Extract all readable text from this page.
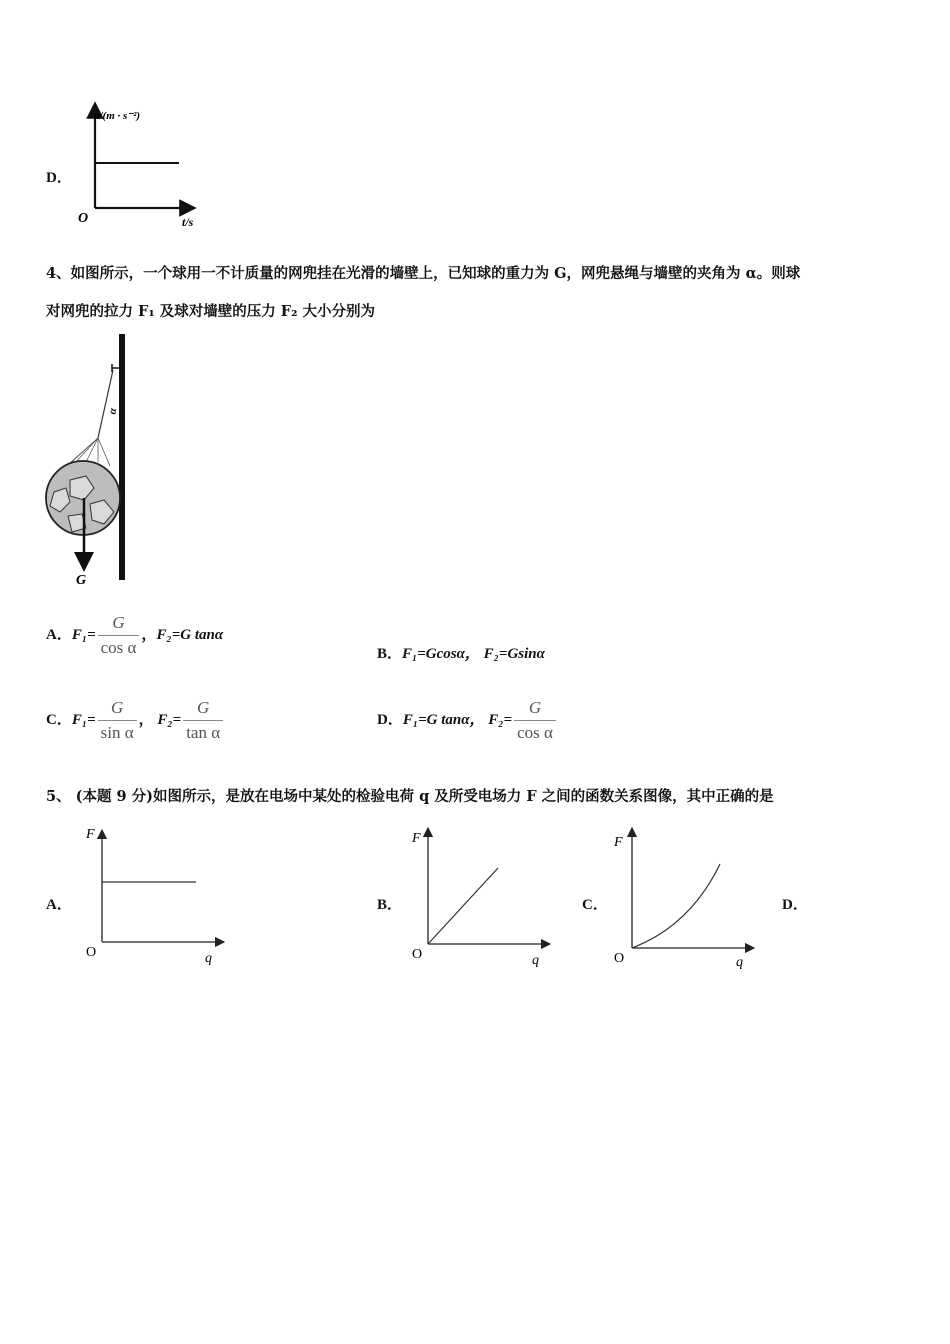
D．
a/(m · s⁻²)
O	t/s
4、如图所示，一个球用一不计质量的网兜挂在光滑的墙壁上，已知球的重力为 G，网兜悬绳与墙壁的夹角为 α。则球
对网兜的拉力 F₁ 及球对墙壁的压力 F₂ 大小分别为
α
G
A．$F_1= \frac{G}{\text{cos α}}$ ，F₂=G tanα
B．F₁=Gcosα， F₂=Gsinα
C．$F_1= \frac{G}{\text{sin α}}$ ， $F_2= \frac{G}{\text{tan α}}$	D．F₁=G tanα， $F_2= \frac{G}{\text{cos α}}$
5、 (本题 9 分)如图所示，是放在电场中某处的检验电荷 q 及所受电场力 F 之间的函数关系图像，其中正确的是
A．
F
O	q
B．
F
O	q
C．
F
O	q
D．
